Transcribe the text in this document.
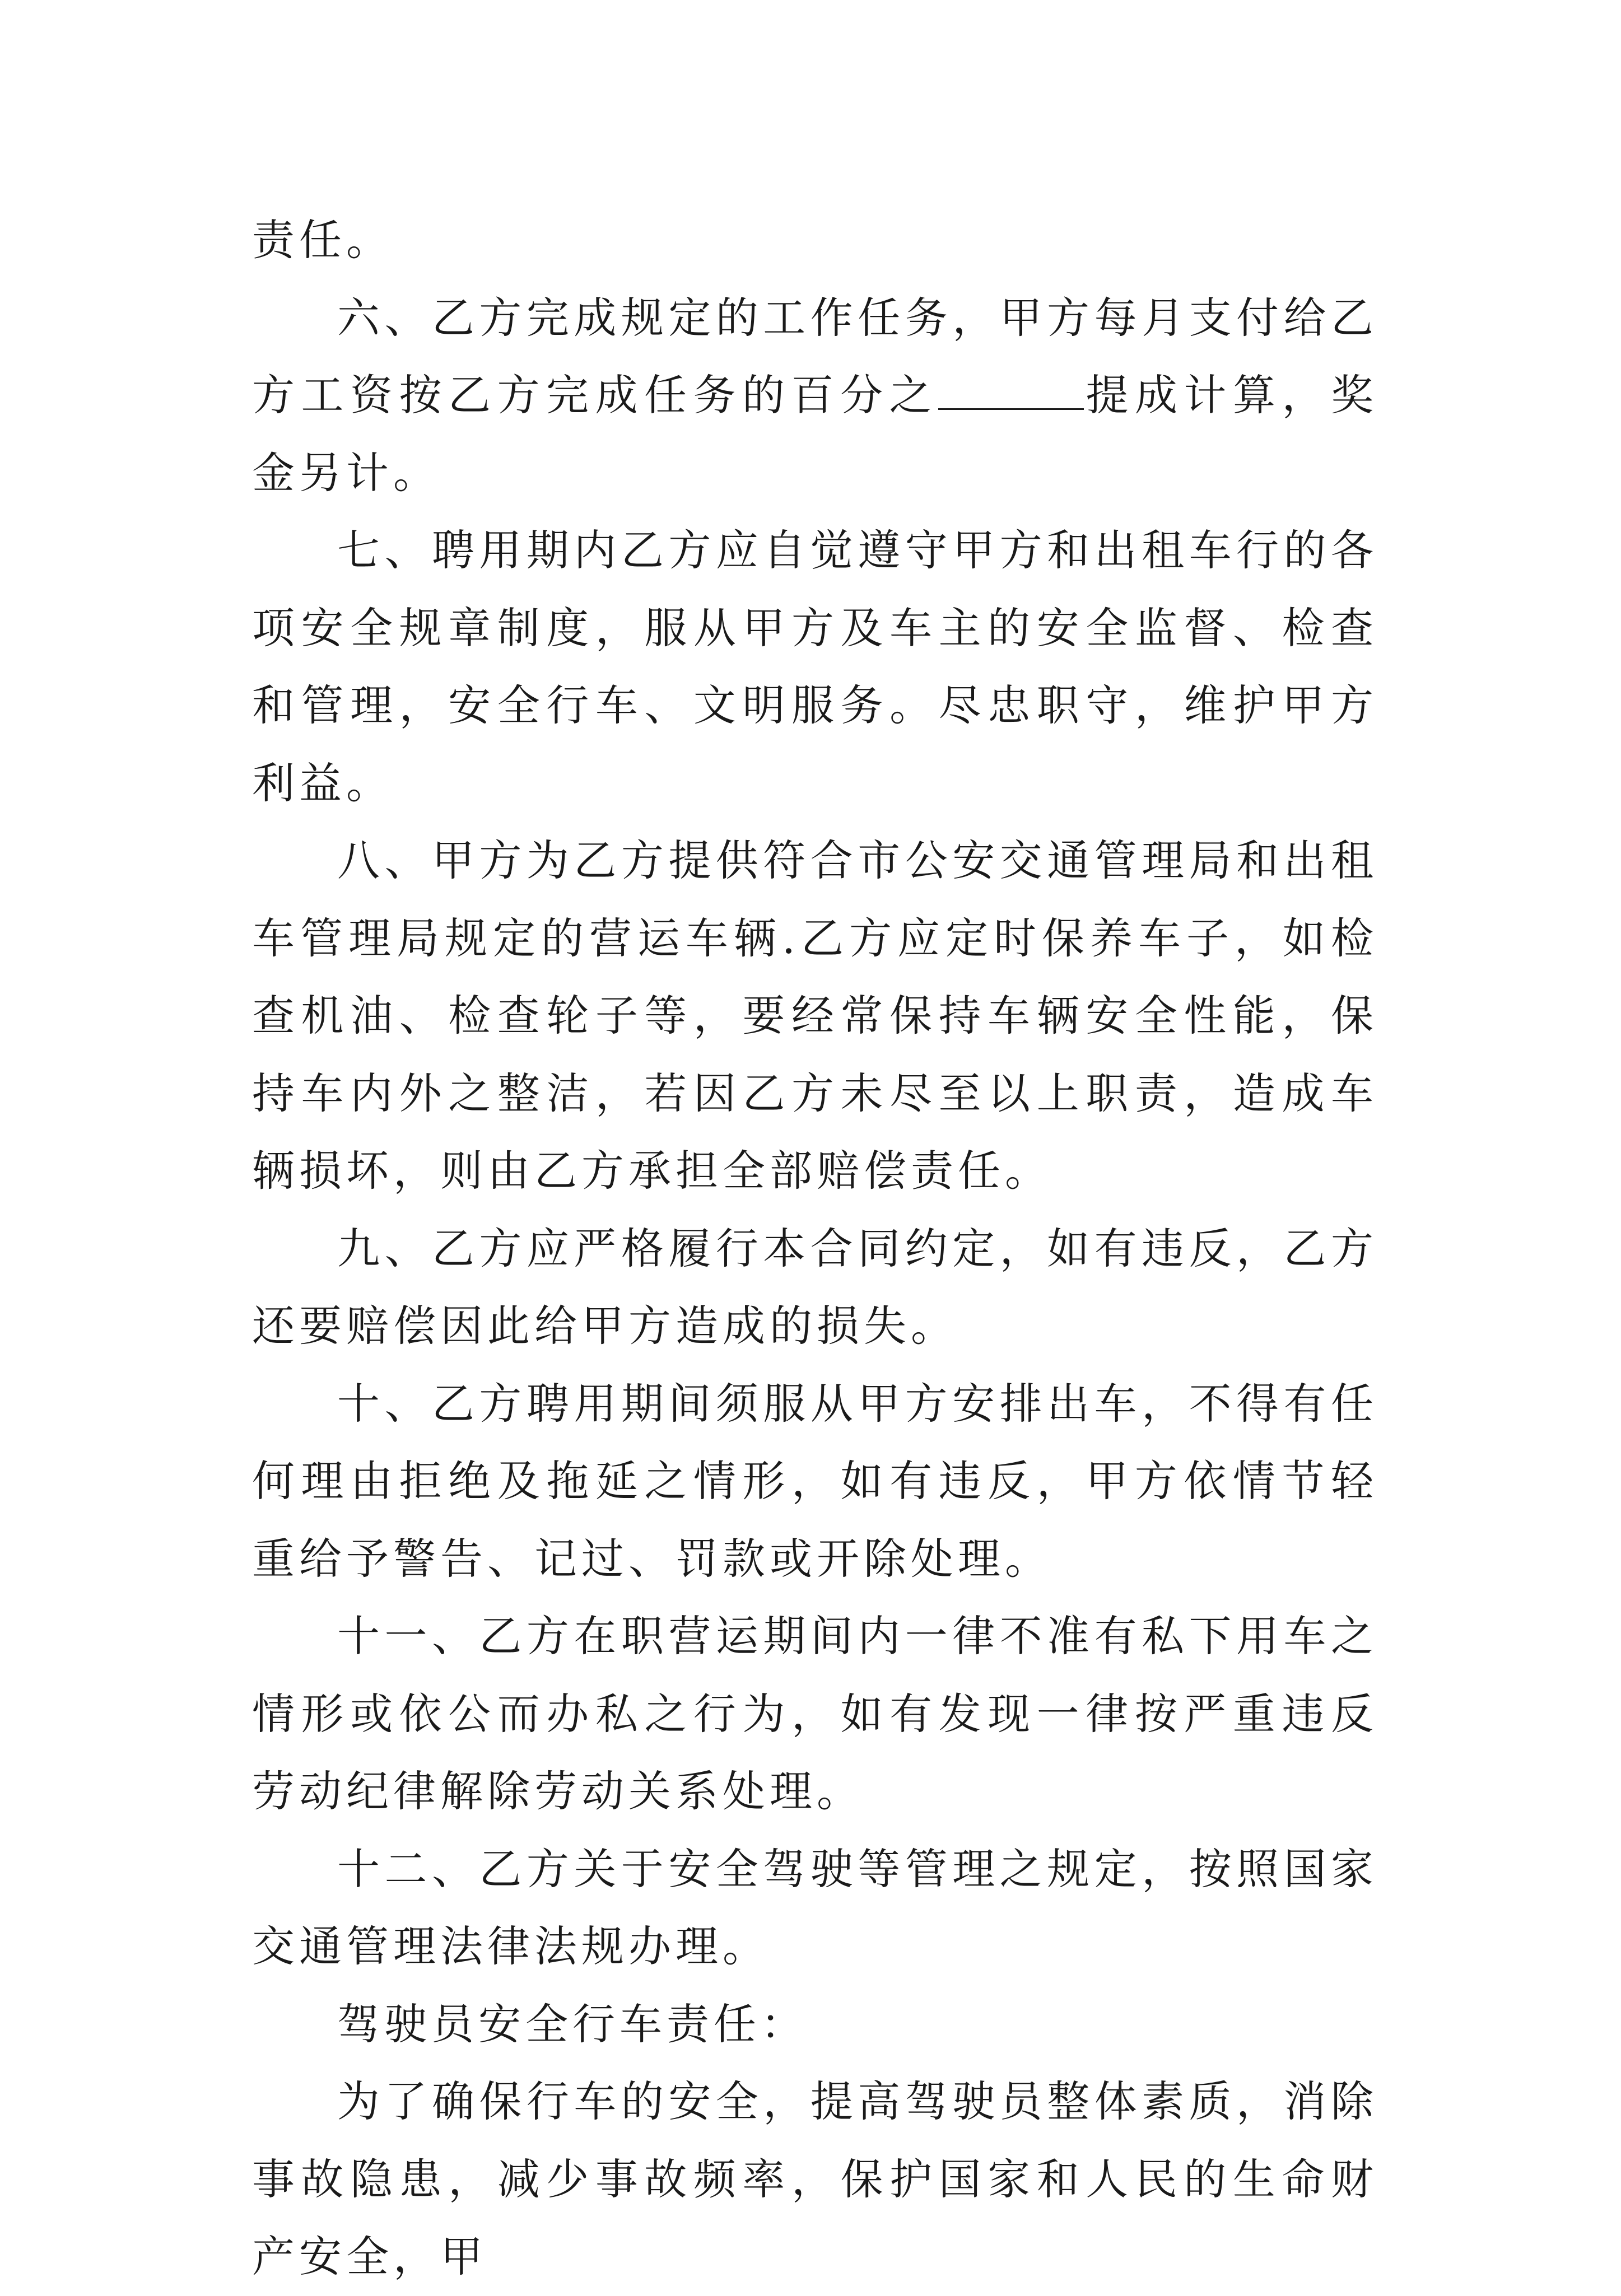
责任。

六、乙方完成规定的工作任务，甲方每月支付给乙方工资按乙方完成任务的百分之	提成计算，奖金另计。

七、聘用期内乙方应自觉遵守甲方和出租车行的各项安全规章制度，服从甲方及车主的安全监督、检查和管理，安全行车、文明服务。尽忠职守，维护甲方利益。

八、甲方为乙方提供符合市公安交通管理局和出租车管理局规定的营运车辆.乙方应定时保养车子，如检查机油、检查轮子等，要经常保持车辆安全性能，保持车内外之整洁，若因乙方未尽至以上职责，造成车辆损坏，则由乙方承担全部赔偿责任。

九、乙方应严格履行本合同约定，如有违反，乙方还要赔偿因此给甲方造成的损失。

十、乙方聘用期间须服从甲方安排出车，不得有任何理由拒绝及拖延之情形，如有违反，甲方依情节轻重给予警告、记过、罚款或开除处理。

十一、乙方在职营运期间内一律不准有私下用车之情形或依公而办私之行为，如有发现一律按严重违反劳动纪律解除劳动关系处理。

十二、乙方关于安全驾驶等管理之规定，按照国家交通管理法律法规办理。

驾驶员安全行车责任：

为了确保行车的安全，提高驾驶员整体素质，消除事故隐患，减少事故频率，保护国家和人民的生命财产安全，甲
